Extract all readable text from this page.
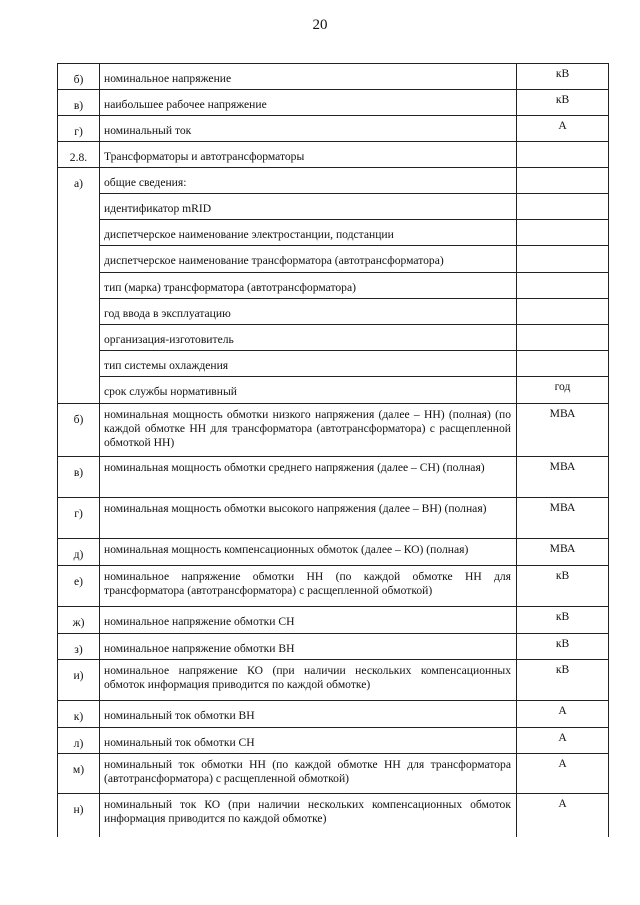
20
б)	номинальное напряжение	кВ
в)	наибольшее рабочее напряжение	кВ
г)	номинальный ток	А
2.8.	Трансформаторы и автотрансформаторы	
а)	общие сведения:	
	идентификатор mRID	
	диспетчерское наименование электростанции, подстанции	
	диспетчерское наименование трансформатора (автотрансформатора)	
	тип (марка) трансформатора (автотрансформатора)	
	год ввода в эксплуатацию	
	организация-изготовитель	
	тип системы охлаждения	
	срок службы нормативный	год
б)	номинальная мощность обмотки низкого напряжения (далее – НН) (полная) (по каждой обмотке НН для трансформатора (автотрансформатора) с расщепленной обмоткой НН)	МВА
в)	номинальная мощность обмотки среднего напряжения (далее – СН) (полная)	МВА
г)	номинальная мощность обмотки высокого напряжения (далее – ВН) (полная)	МВА
д)	номинальная мощность компенсационных обмоток (далее – КО) (полная)	МВА
е)	номинальное напряжение обмотки НН (по каждой обмотке НН для трансформатора (автотрансформатора) с расщепленной обмоткой)	кВ
ж)	номинальное напряжение обмотки СН	кВ
з)	номинальное напряжение обмотки ВН	кВ
и)	номинальное напряжение КО (при наличии нескольких компенсационных обмоток информация приводится по каждой обмотке)	кВ
к)	номинальный ток обмотки ВН	А
л)	номинальный ток обмотки СН	А
м)	номинальный ток обмотки НН (по каждой обмотке НН для трансформатора (автотрансформатора) с расщепленной обмоткой)	А
н)	номинальный ток КО (при наличии нескольких компенсационных обмоток информация приводится по каждой обмотке)	А
